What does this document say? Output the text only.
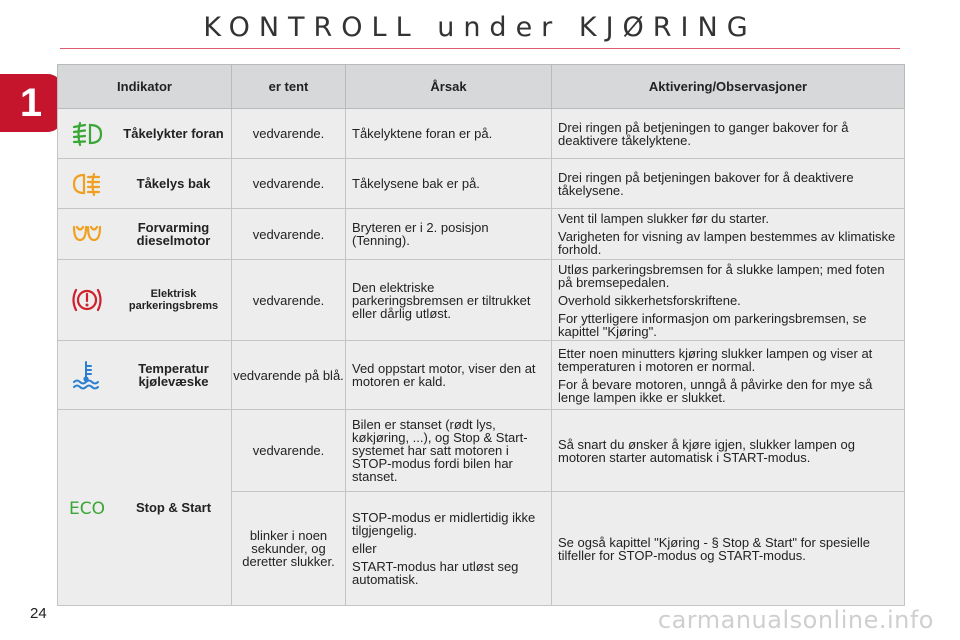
KONTROLL under KJØRING
1	Indikator	er tent	Årsak	Aktivering/Observasjoner

Tåkelykter foran	vedvarende.	Tåkelyktene foran er på.	Drei ringen på betjeningen to ganger bakover for å deaktivere tåkelyktene.

Tåkelys bak	vedvarende.	Tåkelysene bak er på.	Drei ringen på betjeningen bakover for å deaktivere tåkelysene.

Forvarming dieselmotor	vedvarende.	Bryteren er i 2. posisjon (Tenning).	Vent til lampen slukker før du starter.

Varigheten for visning av lampen bestemmes av klimatiske forhold.

Elektrisk parkeringsbrems	vedvarende.	Den elektriske parkeringsbremsen er tiltrukket eller dårlig utløst.	Utløs parkeringsbremsen for å slukke lampen; med foten på bremsepedalen.

Overhold sikkerhetsforskriftene.

For ytterligere informasjon om parkeringsbremsen, se kapittel "Kjøring".

Temperatur kjølevæske	vedvarende på blå.	Ved oppstart motor, viser den at motoren er kald.	Etter noen minutters kjøring slukker lampen og viser at temperaturen i motoren er normal.

For å bevare motoren, unngå å påvirke den for mye så lenge lampen ikke er slukket.

ECO Stop & Start	vedvarende.	Bilen er stanset (rødt lys, køkjøring, ...), og Stop & Start-systemet har satt motoren i STOP-modus fordi bilen har stanset.	Så snart du ønsker å kjøre igjen, slukker lampen og motoren starter automatisk i START-modus.

	blinker i noen sekunder, og deretter slukker.	STOP-modus er midlertidig ikke tilgjengelig.

eller

START-modus har utløst seg automatisk.	Se også kapittel "Kjøring - § Stop & Start" for spesielle tilfeller for STOP-modus og START-modus.

24	carmanualsonline.info
